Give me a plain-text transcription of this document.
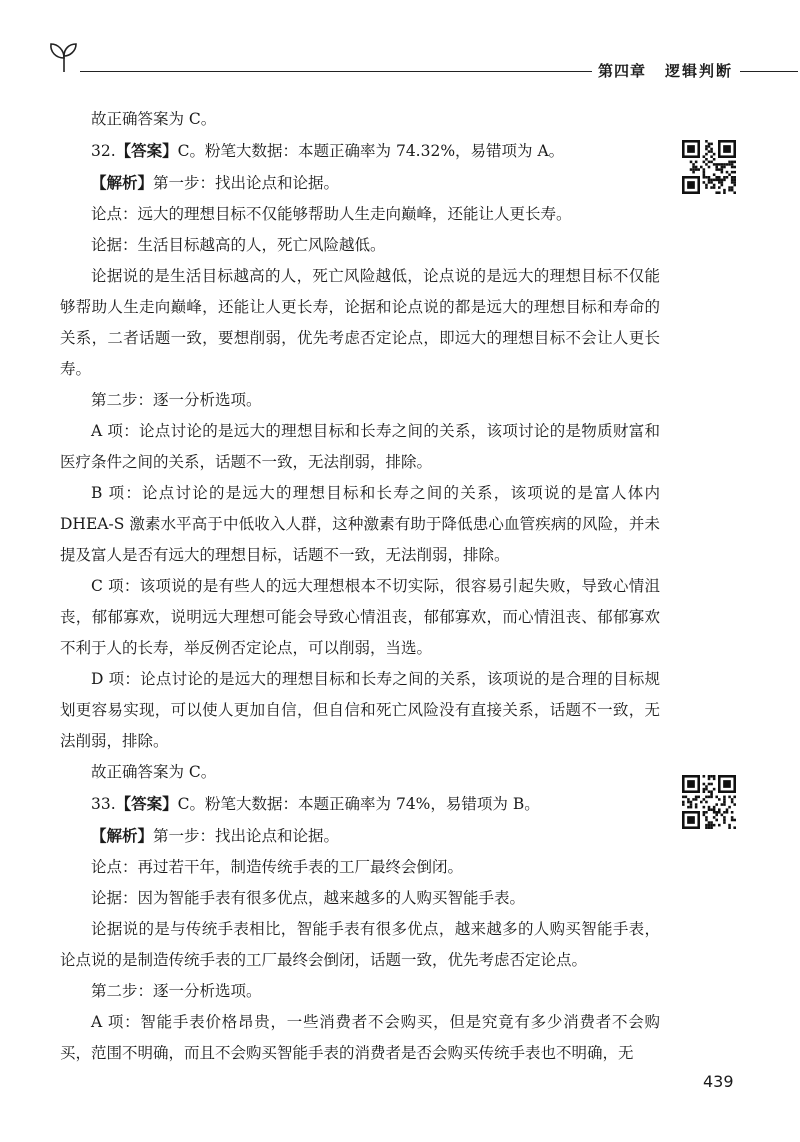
第四章 逻辑判断

故正确答案为 C。

32.【答案】C。粉笔大数据：本题正确率为 74.32%，易错项为 A。

【解析】第一步：找出论点和论据。

论点：远大的理想目标不仅能够帮助人生走向巅峰，还能让人更长寿。

论据：生活目标越高的人，死亡风险越低。

论据说的是生活目标越高的人，死亡风险越低，论点说的是远大的理想目标不仅能够帮助人生走向巅峰，还能让人更长寿，论据和论点说的都是远大的理想目标和寿命的关系，二者话题一致，要想削弱，优先考虑否定论点，即远大的理想目标不会让人更长寿。

第二步：逐一分析选项。

A 项：论点讨论的是远大的理想目标和长寿之间的关系，该项讨论的是物质财富和医疗条件之间的关系，话题不一致，无法削弱，排除。

B 项：论点讨论的是远大的理想目标和长寿之间的关系，该项说的是富人体内 DHEA-S 激素水平高于中低收入人群，这种激素有助于降低患心血管疾病的风险，并未提及富人是否有远大的理想目标，话题不一致，无法削弱，排除。

C 项：该项说的是有些人的远大理想根本不切实际，很容易引起失败，导致心情沮丧，郁郁寡欢，说明远大理想可能会导致心情沮丧，郁郁寡欢，而心情沮丧、郁郁寡欢不利于人的长寿，举反例否定论点，可以削弱，当选。

D 项：论点讨论的是远大的理想目标和长寿之间的关系，该项说的是合理的目标规划更容易实现，可以使人更加自信，但自信和死亡风险没有直接关系，话题不一致，无法削弱，排除。

故正确答案为 C。

33.【答案】C。粉笔大数据：本题正确率为 74%，易错项为 B。

【解析】第一步：找出论点和论据。

论点：再过若干年，制造传统手表的工厂最终会倒闭。

论据：因为智能手表有很多优点，越来越多的人购买智能手表。

论据说的是与传统手表相比，智能手表有很多优点，越来越多的人购买智能手表，论点说的是制造传统手表的工厂最终会倒闭，话题一致，优先考虑否定论点。

第二步：逐一分析选项。

A 项：智能手表价格昂贵，一些消费者不会购买，但是究竟有多少消费者不会购买，范围不明确，而且不会购买智能手表的消费者是否会购买传统手表也不明确，无

439
